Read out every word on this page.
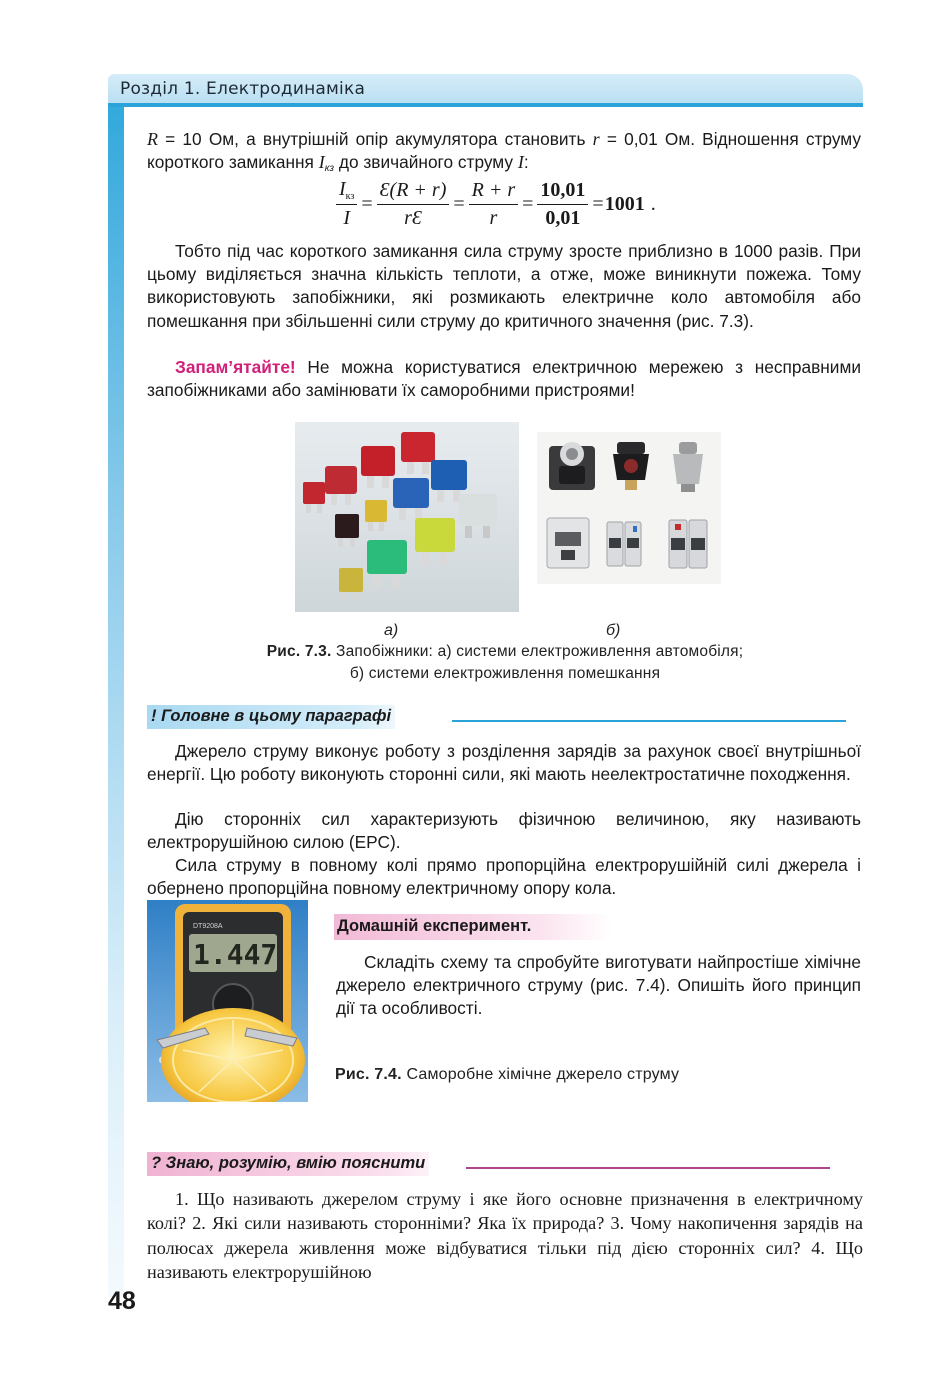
Розділ 1. Електродинаміка
R = 10 Ом, а внутрішній опір акумулятора становить r = 0,01 Ом. Відношення струму короткого замикання $I_{кз}$ до звичайного струму I:
$\frac{I_{кз}}{I} = \frac{Ɛ(R + r)}{rƐ} = \frac{R + r}{r} = \frac{10,01}{0,01} = 1001$ .
Тобто під час короткого замикання сила струму зросте приблизно в 1000 разів. При цьому виділяється значна кількість теплоти, а отже, може виникнути пожежа. Тому використовують запобіжники, які розмикають електричне коло автомобіля або помешкання при збільшенні сили струму до критичного значення (рис. 7.3).
Запам’ятайте! Не можна користуватися електричною мережею з несправними запобіжниками або замінювати їх саморобними пристроями!
а)	б)
Рис. 7.3. Запобіжники: а) системи електроживлення автомобіля;
б) системи електроживлення помешкання
! Головне в цьому параграфі
Джерело струму виконує роботу з розділення зарядів за рахунок своєї внутрішньої енергії. Цю роботу виконують сторонні сили, які мають неелектростатичне походження.
Дію сторонніх сил характеризують фізичною величиною, яку називають електрорушійною силою (ЕРС).
Сила струму в повному колі прямо пропорційна електрорушійній силі джерела і обернено пропорційна повному електричному опору кола.
DT9208A
1.447
Домашній експеримент.
Складіть схему та спробуйте виготувати найпростіше хімічне джерело електричного струму (рис. 7.4). Опишіть його принцип дії та особливості.
Рис. 7.4. Саморобне хімічне джерело струму
? Знаю, розумію, вмію пояснити
1. Що називають джерелом струму і яке його основне призначення в електричному колі? 2. Які сили називають сторонніми? Яка їх природа? 3. Чому накопичення зарядів на полюсах джерела живлення може відбуватися тільки під дією сторонніх сил? 4. Що називають електрорушійною
48
